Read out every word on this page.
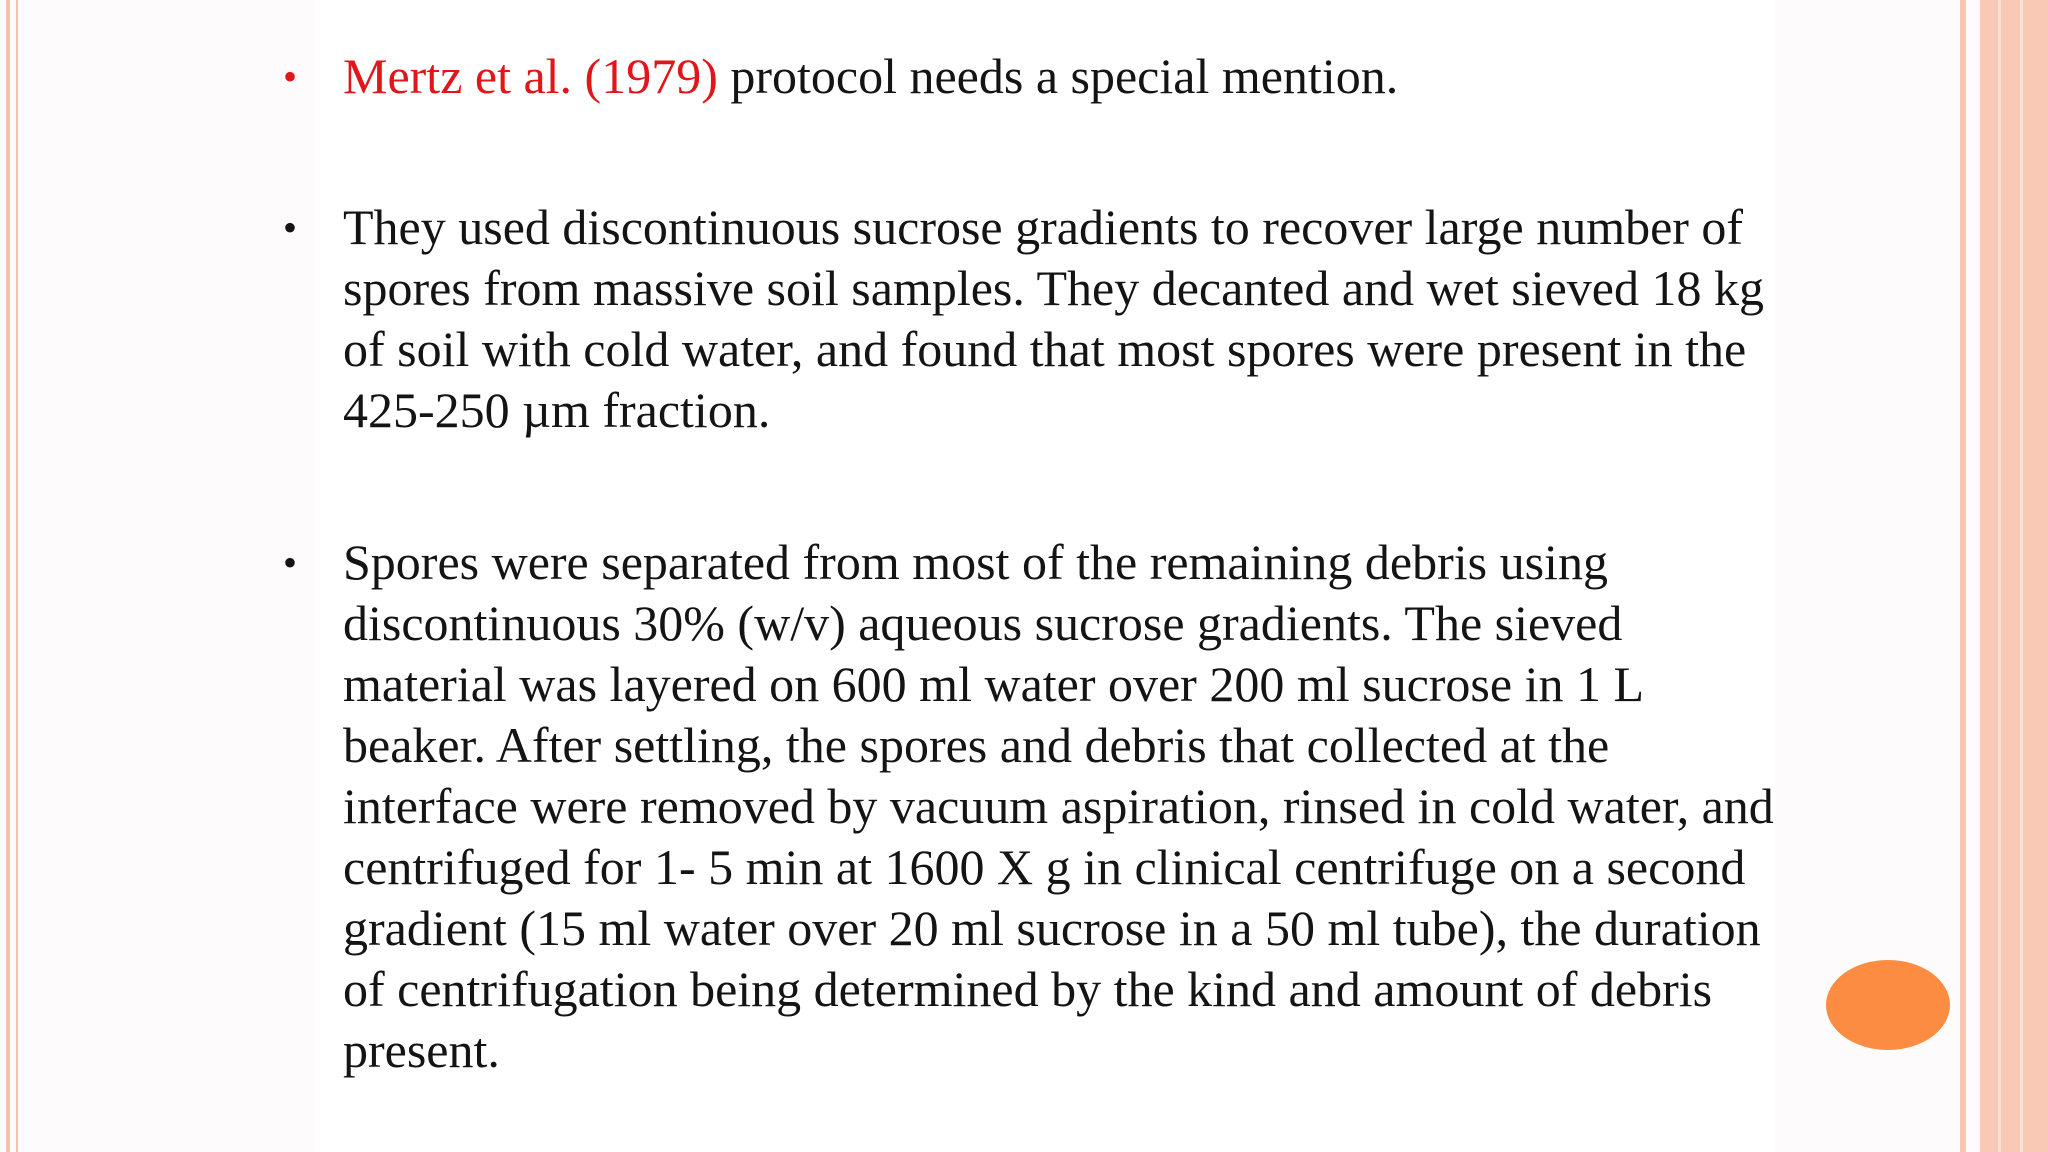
• Mertz et al. (1979) protocol needs a special mention.
• They used discontinuous sucrose gradients to recover large number of spores from massive soil samples. They decanted and wet sieved 18 kg of soil with cold water, and found that most spores were present in the 425-250 µm fraction.
• Spores were separated from most of the remaining debris using discontinuous 30% (w/v) aqueous sucrose gradients. The sieved material was layered on 600 ml water over 200 ml sucrose in 1 L beaker. After settling, the spores and debris that collected at the interface were removed by vacuum aspiration, rinsed in cold water, and centrifuged for 1- 5 min at 1600 X g in clinical centrifuge on a second gradient (15 ml water over 20 ml sucrose in a 50 ml tube), the duration of centrifugation being determined by the kind and amount of debris present.
